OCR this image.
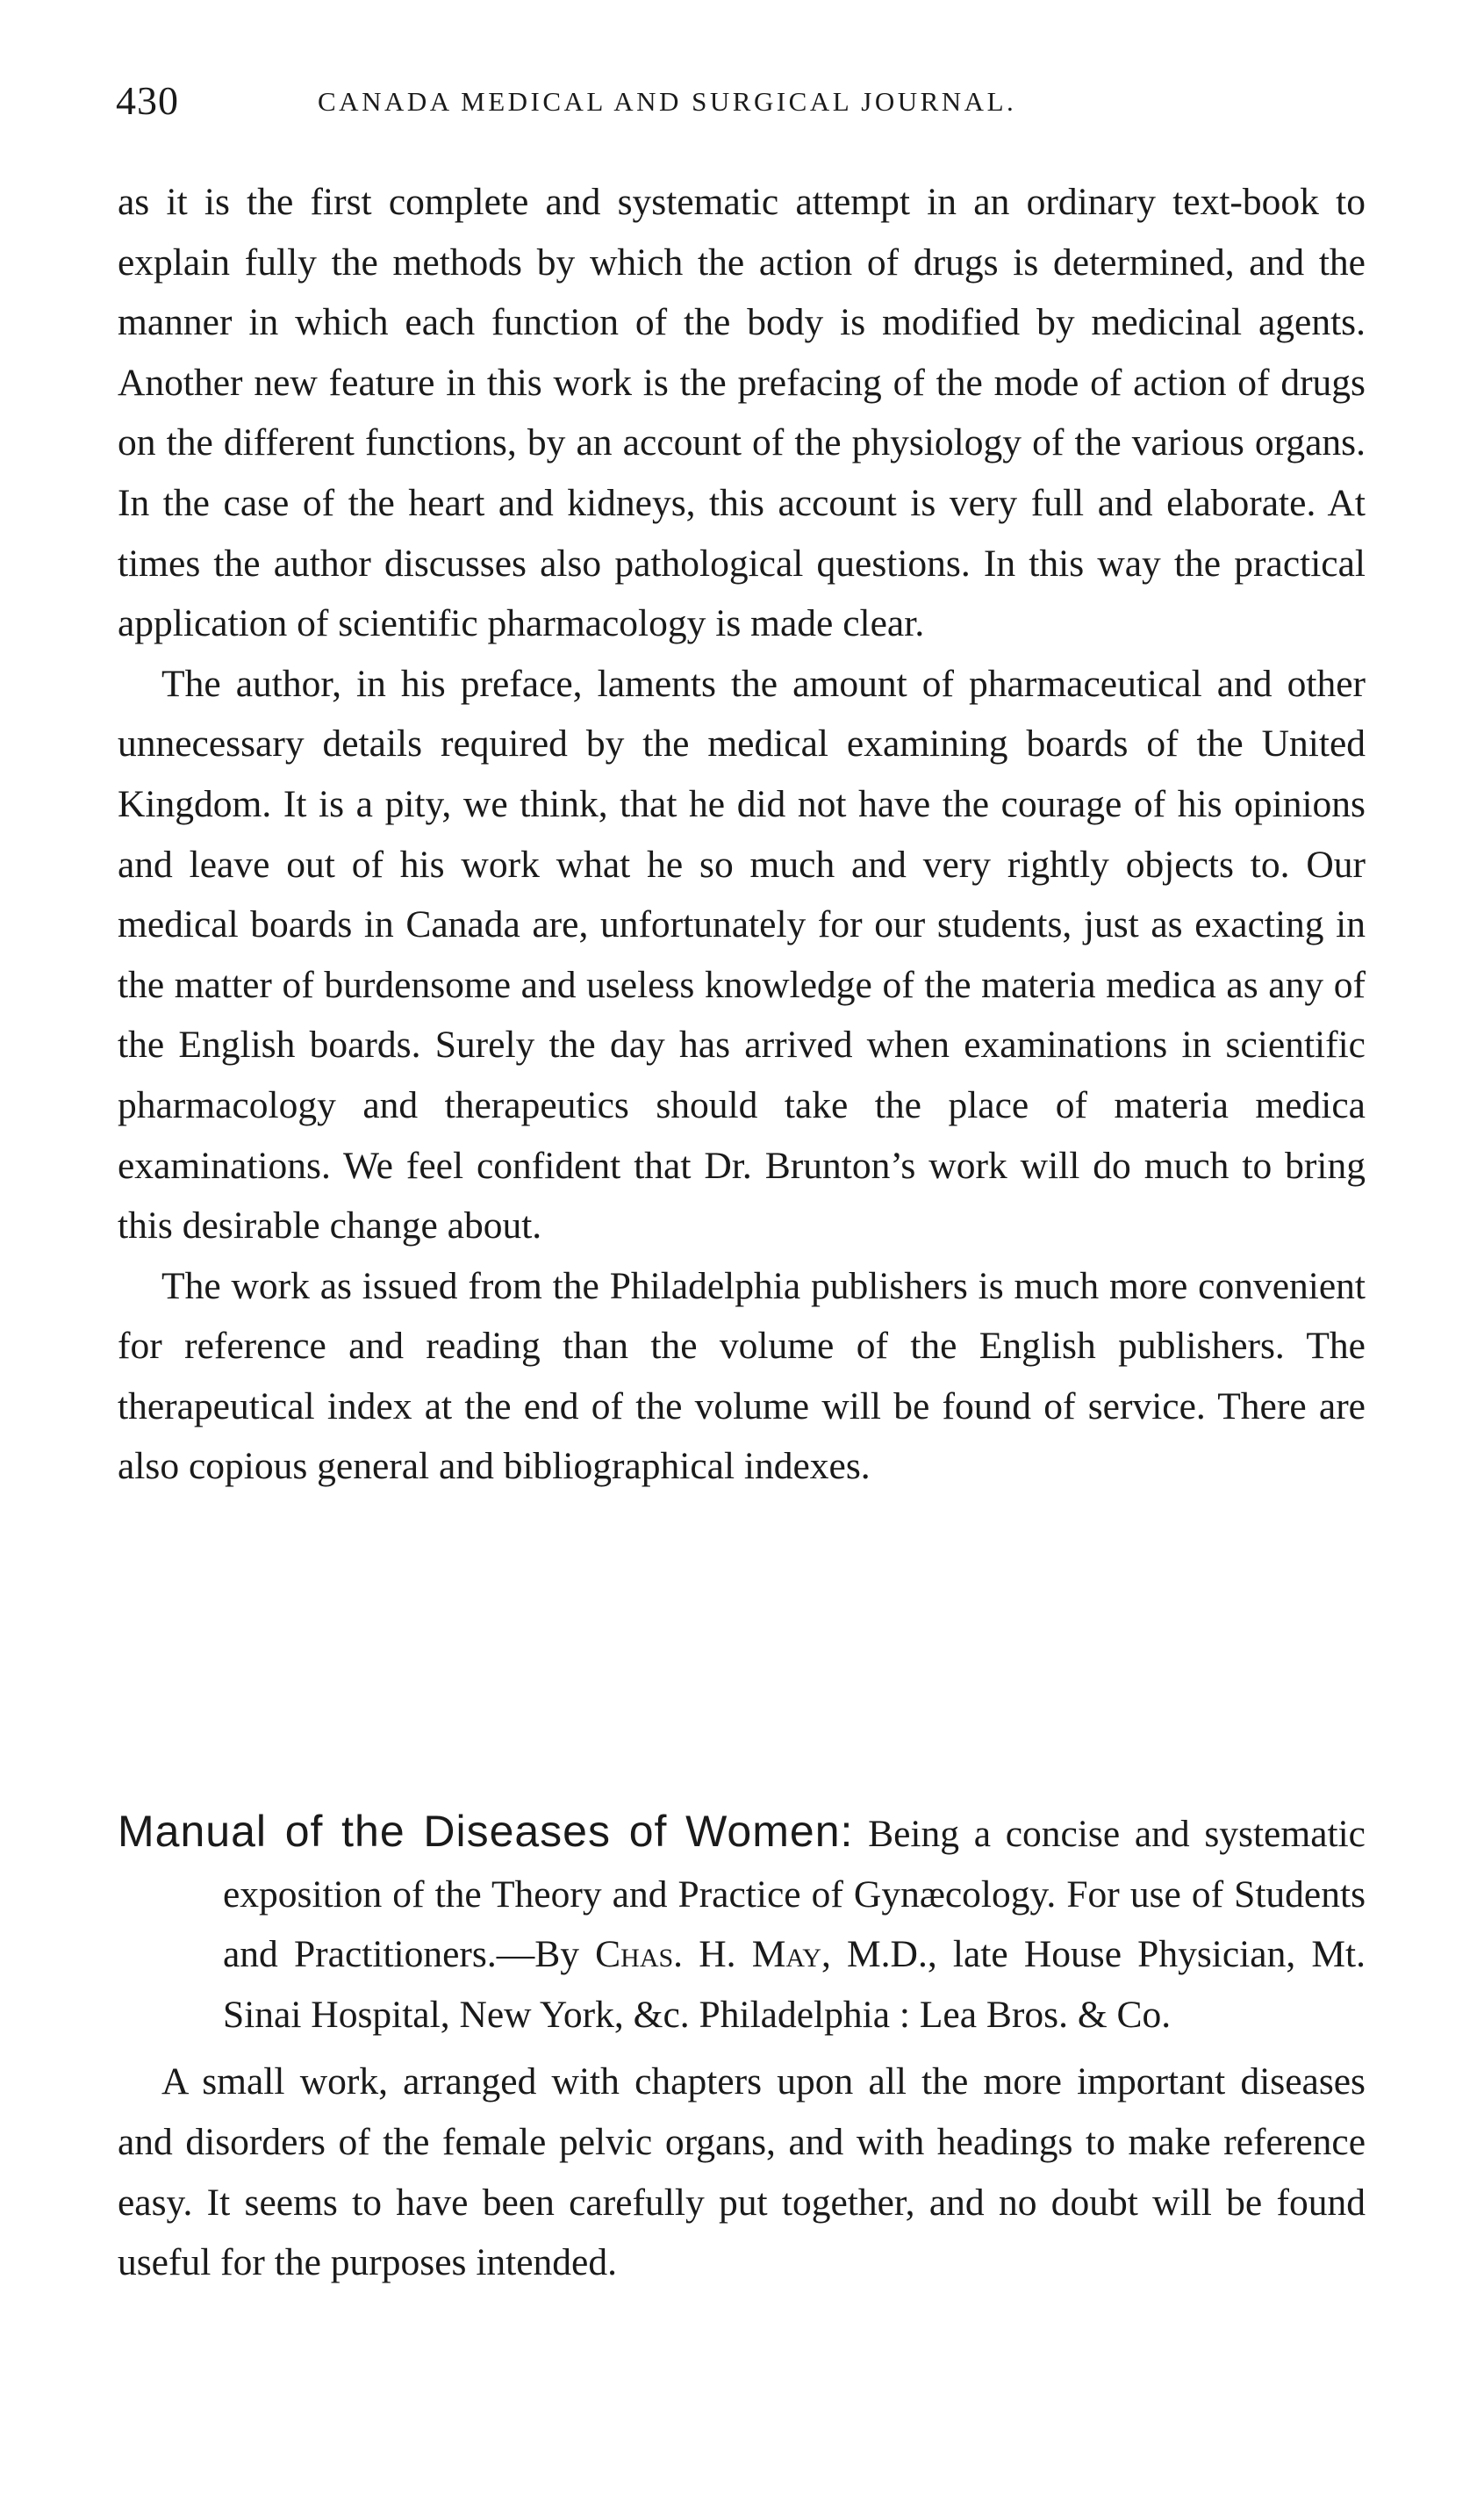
430	CANADA MEDICAL AND SURGICAL JOURNAL.

as it is the first complete and systematic attempt in an ordinary text-book to explain fully the methods by which the action of drugs is determined, and the manner in which each function of the body is modified by medicinal agents. Another new feature in this work is the prefacing of the mode of action of drugs on the different functions, by an account of the physiology of the various organs. In the case of the heart and kidneys, this account is very full and elaborate. At times the author discusses also pathological questions. In this way the practical application of scientific pharmacology is made clear.

The author, in his preface, laments the amount of pharmaceutical and other unnecessary details required by the medical examining boards of the United Kingdom. It is a pity, we think, that he did not have the courage of his opinions and leave out of his work what he so much and very rightly objects to. Our medical boards in Canada are, unfortunately for our students, just as exacting in the matter of burdensome and useless knowledge of the materia medica as any of the English boards. Surely the day has arrived when examinations in scientific pharmacology and therapeutics should take the place of materia medica examinations. We feel confident that Dr. Brunton’s work will do much to bring this desirable change about.

The work as issued from the Philadelphia publishers is much more convenient for reference and reading than the volume of the English publishers. The therapeutical index at the end of the volume will be found of service. There are also copious general and bibliographical indexes.

Manual of the Diseases of Women: Being a concise and systematic exposition of the Theory and Practice of Gynæcology. For use of Students and Practitioners.—By Chas. H. May, M.D., late House Physician, Mt. Sinai Hospital, New York, &c. Philadelphia : Lea Bros. & Co.

A small work, arranged with chapters upon all the more important diseases and disorders of the female pelvic organs, and with headings to make reference easy. It seems to have been carefully put together, and no doubt will be found useful for the purposes intended.
